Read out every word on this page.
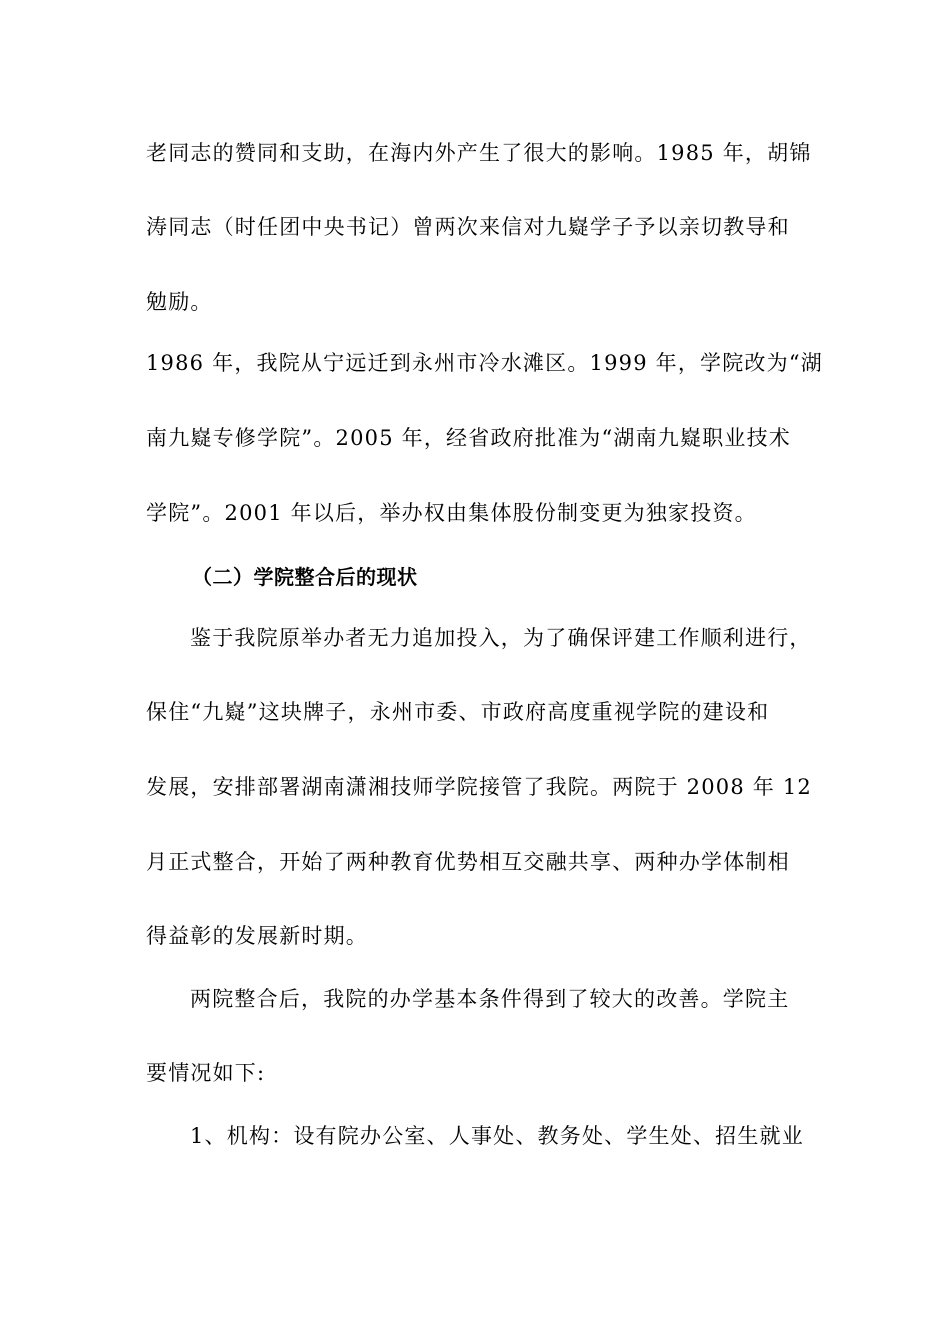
老同志的赞同和支助，在海内外产生了很大的影响。1985 年，胡锦
涛同志（时任团中央书记）曾两次来信对九嶷学子予以亲切教导和
勉励。
1986 年，我院从宁远迁到永州市冷水滩区。1999 年，学院改为“湖
南九嶷专修学院”。2005 年，经省政府批准为“湖南九嶷职业技术
学院”。2001 年以后，举办权由集体股份制变更为独家投资。
（二）学院整合后的现状
鉴于我院原举办者无力追加投入，为了确保评建工作顺利进行，
保住“九嶷”这块牌子，永州市委、市政府高度重视学院的建设和
发展，安排部署湖南潇湘技师学院接管了我院。两院于 2008 年 12
月正式整合，开始了两种教育优势相互交融共享、两种办学体制相
得益彰的发展新时期。
两院整合后，我院的办学基本条件得到了较大的改善。学院主
要情况如下:
1、机构：设有院办公室、人事处、教务处、学生处、招生就业
